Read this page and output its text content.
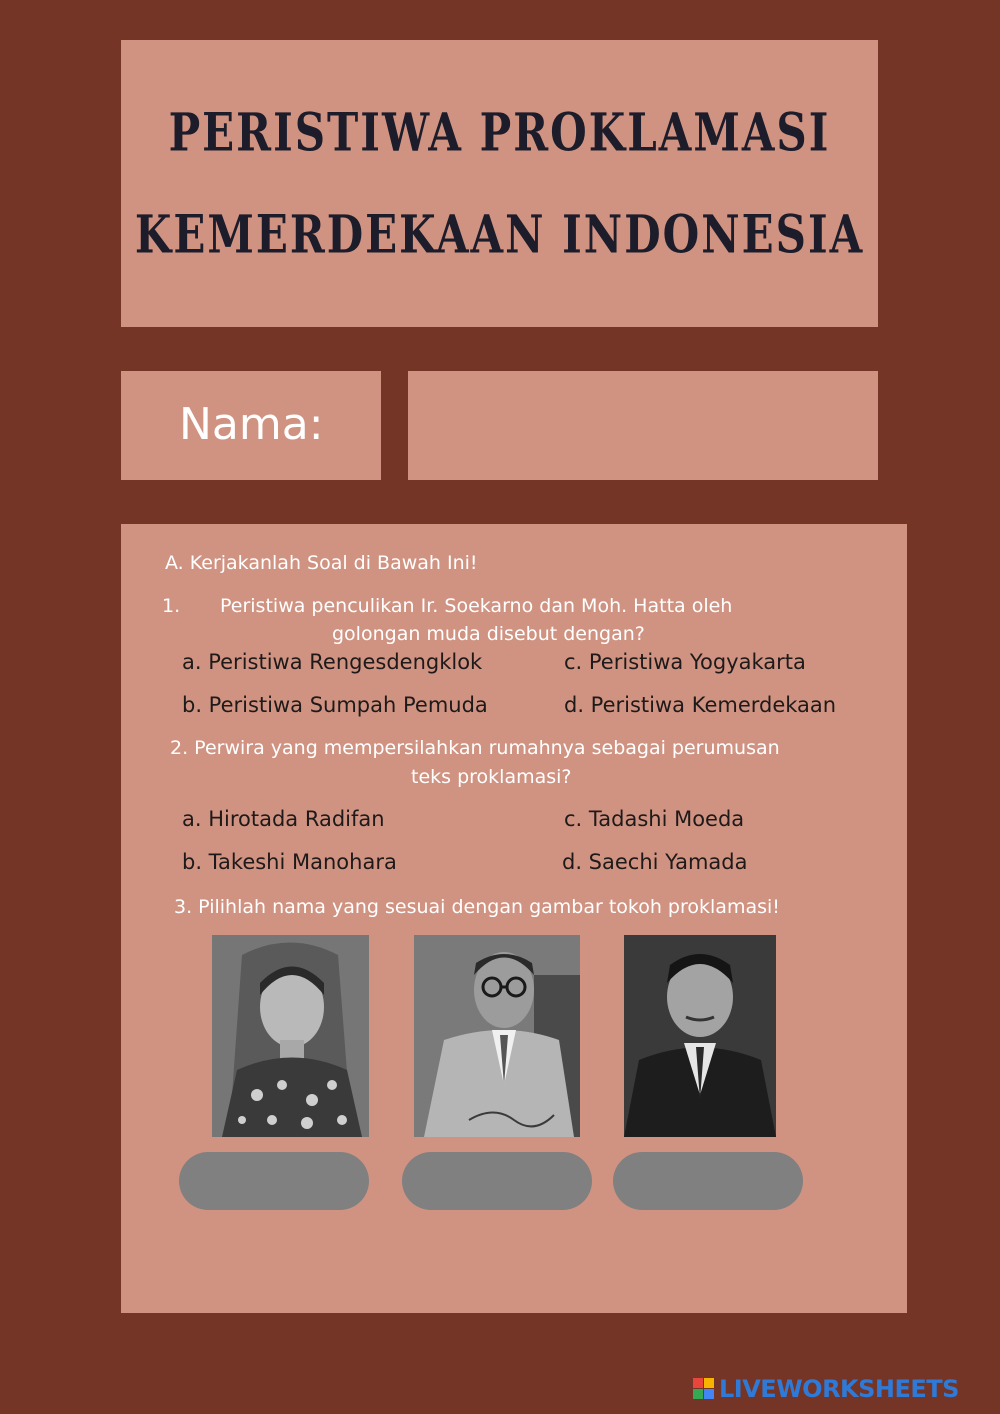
PERISTIWA PROKLAMASI
KEMERDEKAAN INDONESIA
Nama:
A. Kerjakanlah Soal di Bawah Ini!
1. Peristiwa penculikan Ir. Soekarno dan Moh. Hatta oleh
golongan muda disebut dengan?
a. Peristiwa Rengesdengklok	c. Peristiwa Yogyakarta
b. Peristiwa Sumpah Pemuda	d. Peristiwa Kemerdekaan
2. Perwira yang mempersilahkan rumahnya sebagai perumusan
teks proklamasi?
a. Hirotada Radifan	c. Tadashi Moeda
b. Takeshi Manohara	d. Saechi Yamada
3. Pilihlah nama yang sesuai dengan gambar tokoh proklamasi!
LIVEWORKSHEETS
